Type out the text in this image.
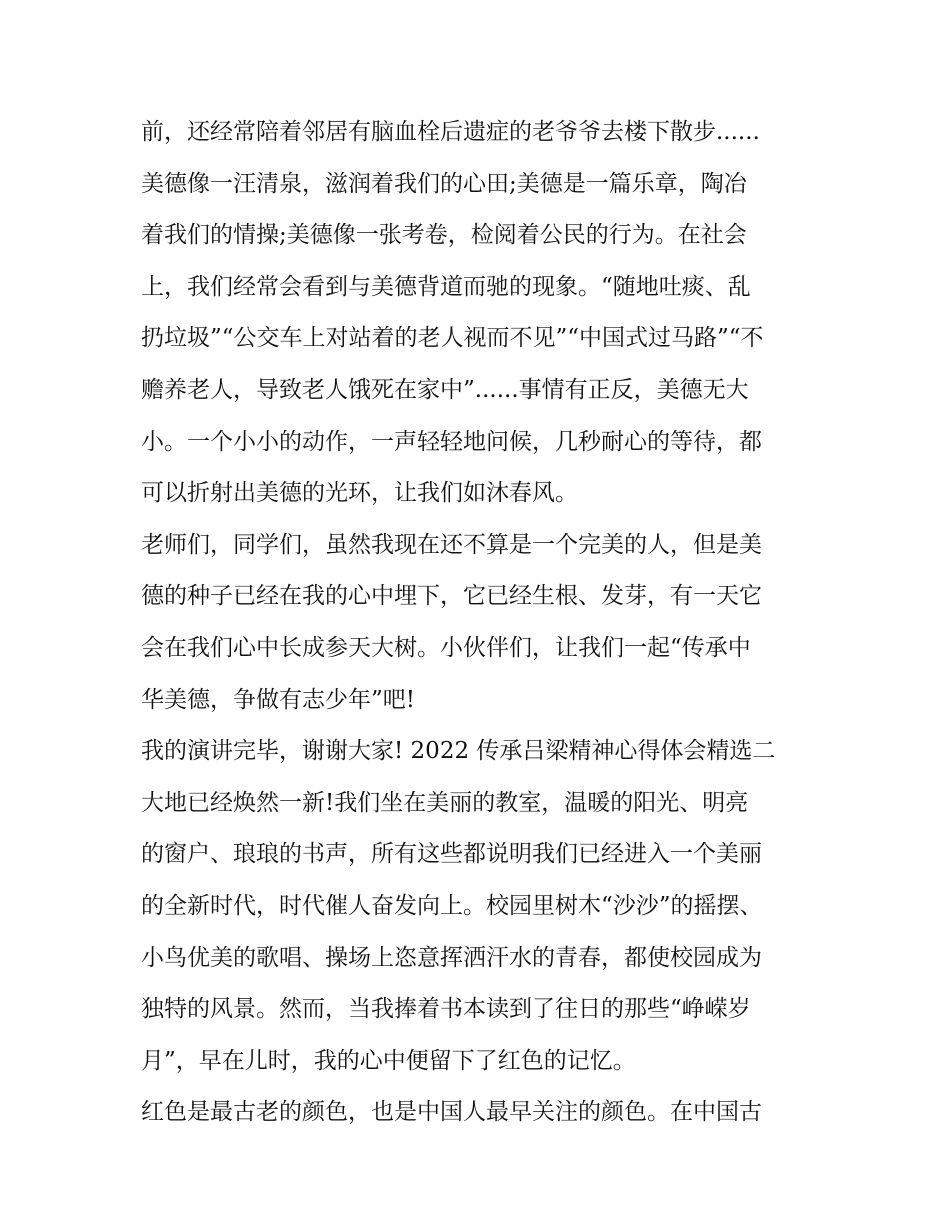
前，还经常陪着邻居有脑血栓后遗症的老爷爷去楼下散步......
美德像一汪清泉，滋润着我们的心田;美德是一篇乐章，陶冶
着我们的情操;美德像一张考卷，检阅着公民的行为。在社会
上，我们经常会看到与美德背道而驰的现象。“随地吐痰、乱
扔垃圾”“公交车上对站着的老人视而不见”“中国式过马路”“不
赡养老人，导致老人饿死在家中”......事情有正反，美德无大
小。一个小小的动作，一声轻轻地问候，几秒耐心的等待，都
可以折射出美德的光环，让我们如沐春风。
老师们，同学们，虽然我现在还不算是一个完美的人，但是美
德的种子已经在我的心中埋下，它已经生根、发芽，有一天它
会在我们心中长成参天大树。小伙伴们，让我们一起“传承中
华美德，争做有志少年”吧!
我的演讲完毕，谢谢大家! 2022 传承吕梁精神心得体会精选二
大地已经焕然一新!我们坐在美丽的教室，温暖的阳光、明亮
的窗户、琅琅的书声，所有这些都说明我们已经进入一个美丽
的全新时代，时代催人奋发向上。校园里树木“沙沙”的摇摆、
小鸟优美的歌唱、操场上恣意挥洒汗水的青春，都使校园成为
独特的风景。然而，当我捧着书本读到了往日的那些“峥嵘岁
月”，早在儿时，我的心中便留下了红色的记忆。
红色是最古老的颜色，也是中国人最早关注的颜色。在中国古
